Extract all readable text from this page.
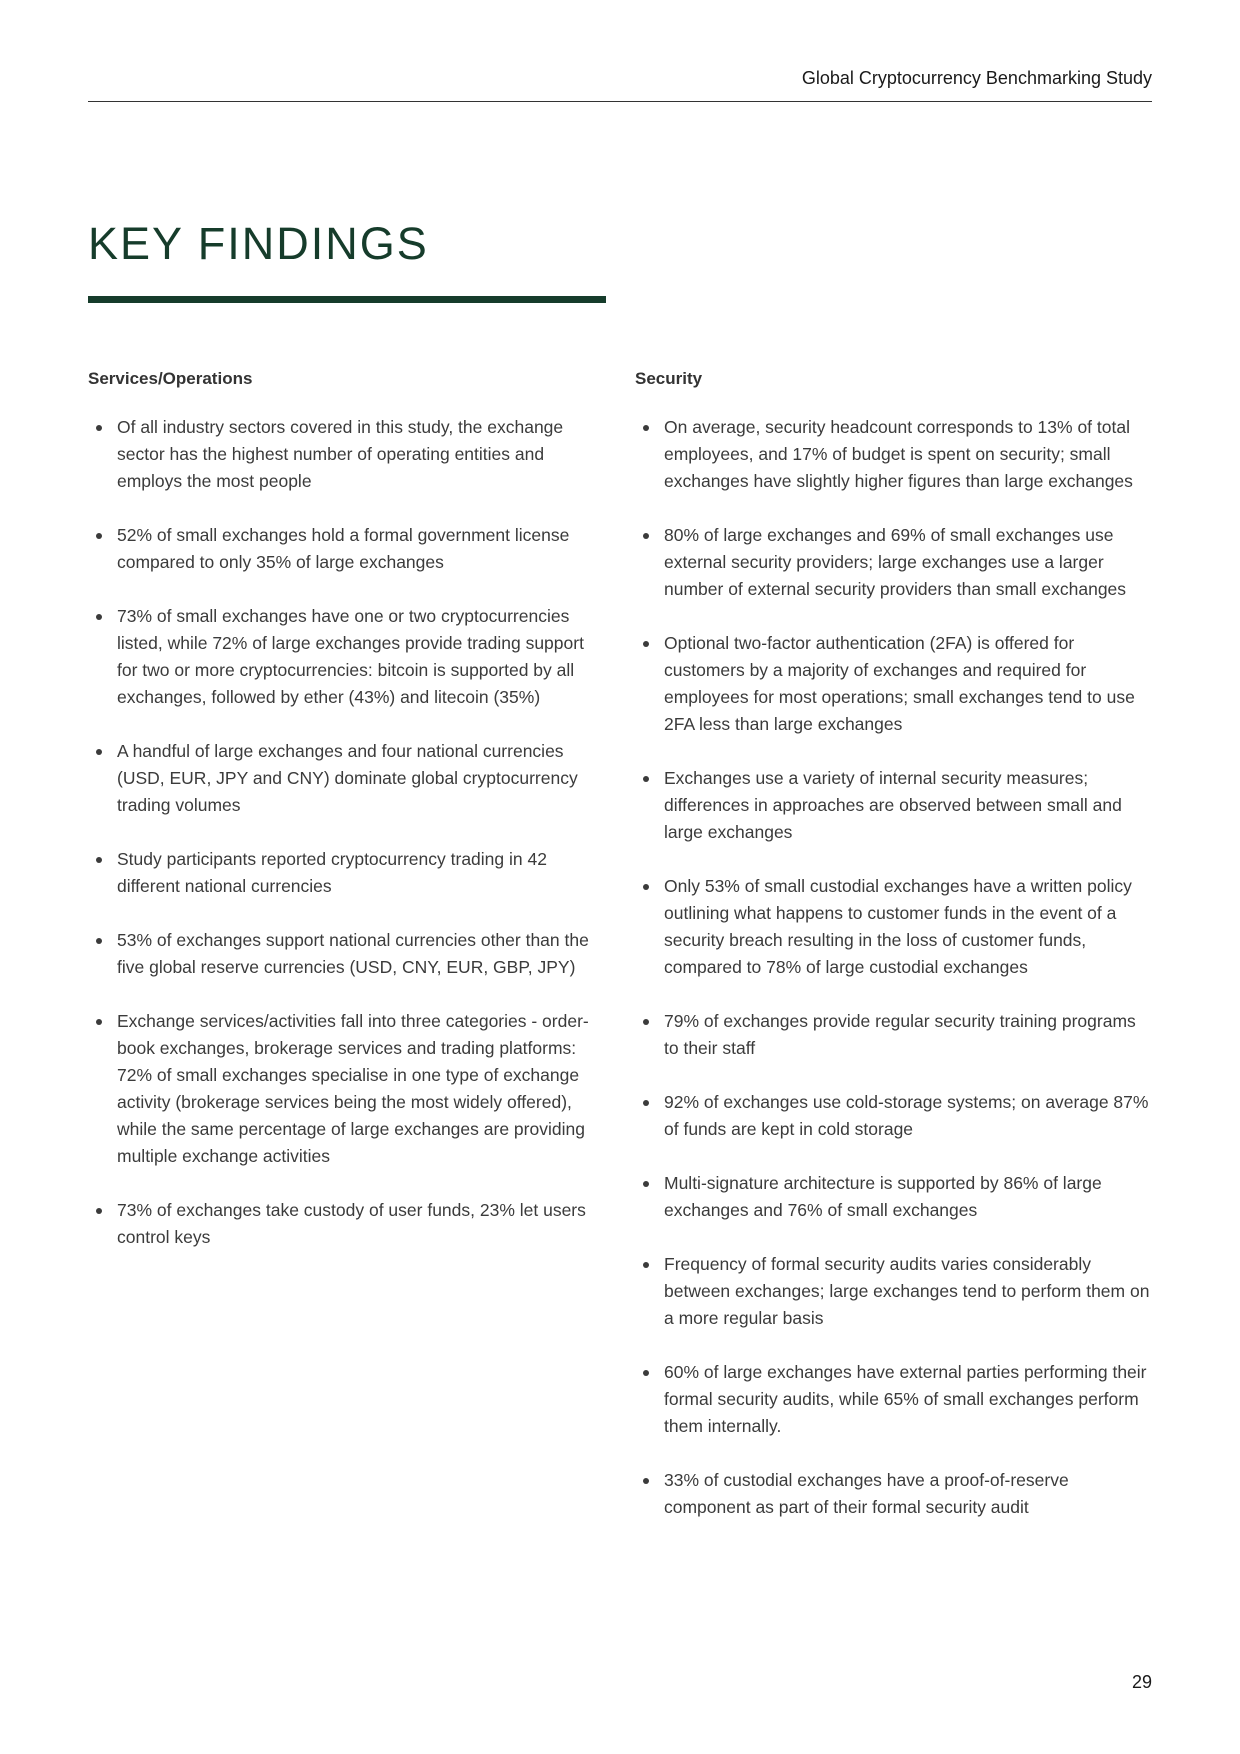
Global Cryptocurrency Benchmarking Study
KEY FINDINGS
Services/Operations
Of all industry sectors covered in this study, the exchange sector has the highest number of operating entities and employs the most people
52% of small exchanges hold a formal government license compared to only 35% of large exchanges
73% of small exchanges have one or two cryptocurrencies listed, while 72% of large exchanges provide trading support for two or more cryptocurrencies: bitcoin is supported by all exchanges, followed by ether (43%) and litecoin (35%)
A handful of large exchanges and four national currencies (USD, EUR, JPY and CNY) dominate global cryptocurrency trading volumes
Study participants reported cryptocurrency trading in 42 different national currencies
53% of exchanges support national currencies other than the five global reserve currencies (USD, CNY, EUR, GBP, JPY)
Exchange services/activities fall into three categories - order-book exchanges, brokerage services and trading platforms: 72% of small exchanges specialise in one type of exchange activity (brokerage services being the most widely offered), while the same percentage of large exchanges are providing multiple exchange activities
73% of exchanges take custody of user funds, 23% let users control keys
Security
On average, security headcount corresponds to 13% of total employees, and 17% of budget is spent on security; small exchanges have slightly higher figures than large exchanges
80% of large exchanges and 69% of small exchanges use external security providers; large exchanges use a larger number of external security providers than small exchanges
Optional two-factor authentication (2FA) is offered for customers by a majority of exchanges and required for employees for most operations; small exchanges tend to use 2FA less than large exchanges
Exchanges use a variety of internal security measures; differences in approaches are observed between small and large exchanges
Only 53% of small custodial exchanges have a written policy outlining what happens to customer funds in the event of a security breach resulting in the loss of customer funds, compared to 78% of large custodial exchanges
79% of exchanges provide regular security training programs to their staff
92% of exchanges use cold-storage systems; on average 87% of funds are kept in cold storage
Multi-signature architecture is supported by 86% of large exchanges and 76% of small exchanges
Frequency of formal security audits varies considerably between exchanges; large exchanges tend to perform them on a more regular basis
60% of large exchanges have external parties performing their formal security audits, while 65% of small exchanges perform them internally.
33% of custodial exchanges have a proof-of-reserve component as part of their formal security audit
29
